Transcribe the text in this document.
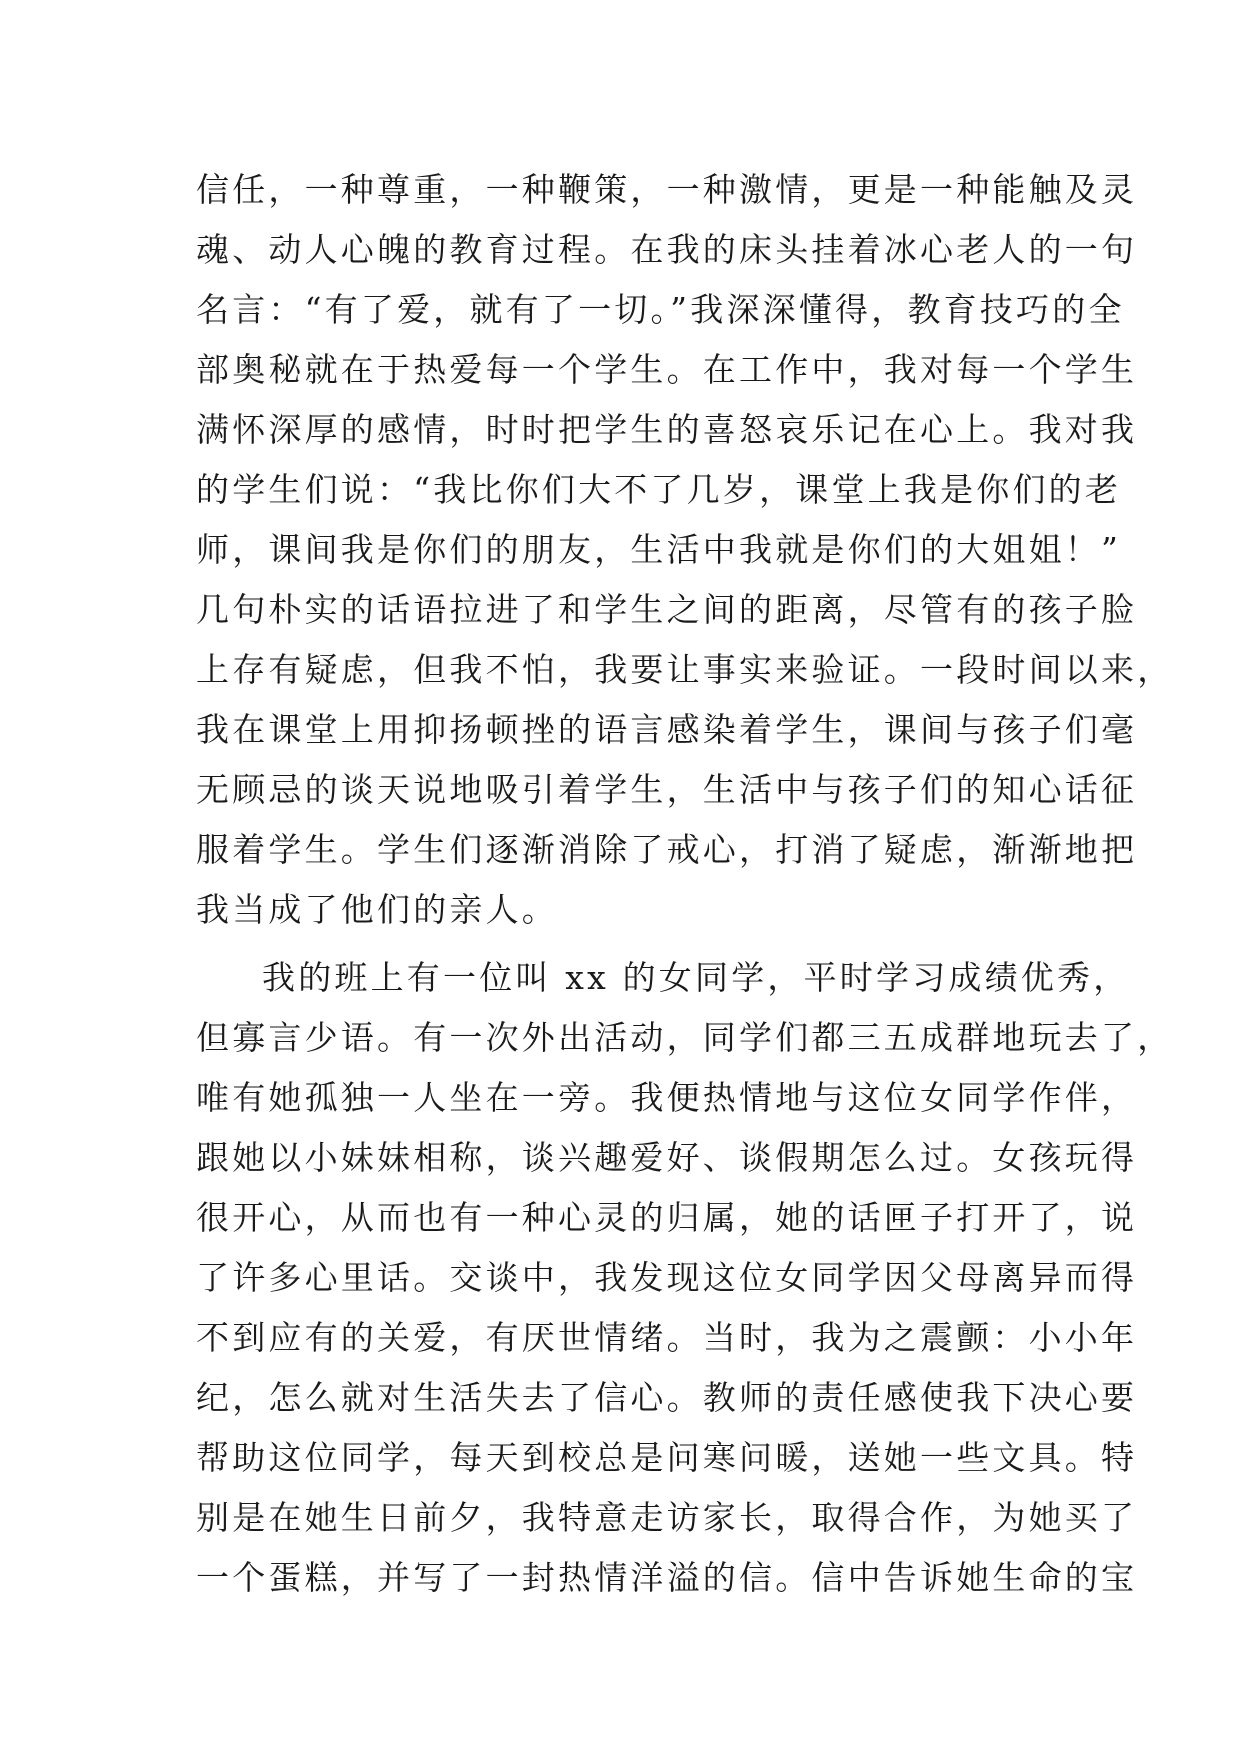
信任，一种尊重，一种鞭策，一种激情，更是一种能触及灵
魂、动人心魄的教育过程。在我的床头挂着冰心老人的一句
名言：“有了爱，就有了一切。”我深深懂得，教育技巧的全
部奥秘就在于热爱每一个学生。在工作中，我对每一个学生
满怀深厚的感情，时时把学生的喜怒哀乐记在心上。我对我
的学生们说：“我比你们大不了几岁，课堂上我是你们的老
师，课间我是你们的朋友，生活中我就是你们的大姐姐！”
几句朴实的话语拉进了和学生之间的距离，尽管有的孩子脸
上存有疑虑，但我不怕，我要让事实来验证。一段时间以来，
我在课堂上用抑扬顿挫的语言感染着学生，课间与孩子们毫
无顾忌的谈天说地吸引着学生，生活中与孩子们的知心话征
服着学生。学生们逐渐消除了戒心，打消了疑虑，渐渐地把
我当成了他们的亲人。
我的班上有一位叫 xx 的女同学，平时学习成绩优秀，
但寡言少语。有一次外出活动，同学们都三五成群地玩去了，
唯有她孤独一人坐在一旁。我便热情地与这位女同学作伴，
跟她以小妹妹相称，谈兴趣爱好、谈假期怎么过。女孩玩得
很开心，从而也有一种心灵的归属，她的话匣子打开了，说
了许多心里话。交谈中，我发现这位女同学因父母离异而得
不到应有的关爱，有厌世情绪。当时，我为之震颤：小小年
纪，怎么就对生活失去了信心。教师的责任感使我下决心要
帮助这位同学，每天到校总是问寒问暖，送她一些文具。特
别是在她生日前夕，我特意走访家长，取得合作，为她买了
一个蛋糕，并写了一封热情洋溢的信。信中告诉她生命的宝
